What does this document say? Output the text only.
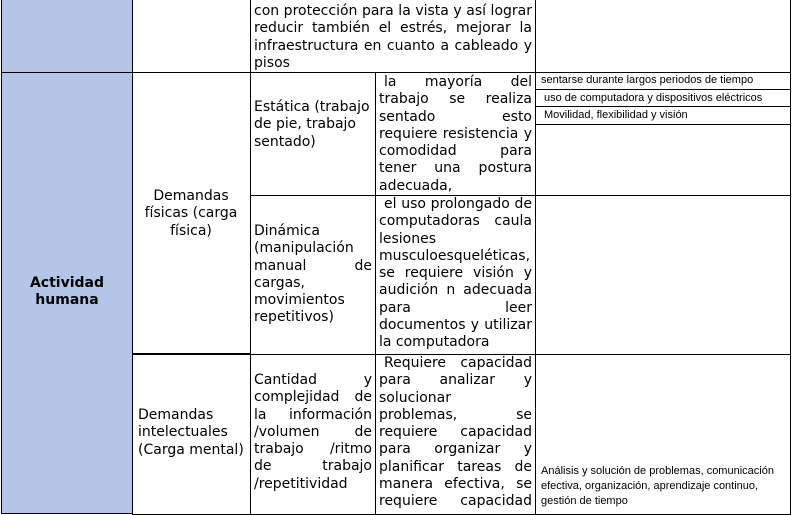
Actividad humana
con protección para la vista y así lograr reducir también el estrés, mejorar la infraestructura en cuanto a cableado y pisos
Demandas físicas (carga física)
Estática (trabajo de pie, trabajo sentado)
la mayoría del trabajo se realiza sentado esto requiere resistencia y comodidad para tener una postura adecuada,
sentarse durante largos periodos de tiempo
uso de computadora y dispositivos eléctricos
Movilidad, flexibilidad y visión
Dinámica (manipulación manual de cargas, movimientos repetitivos)
el uso prolongado de computadoras caula lesiones musculoesqueléticas, se requiere visión y audición n adecuada para leer documentos y utilizar la computadora
Demandas intelectuales (Carga mental)
Cantidad y complejidad de la información /volumen de trabajo /ritmo de trabajo /repetitividad
Requiere capacidad para analizar y solucionar problemas, se requiere capacidad para organizar y planificar tareas de manera efectiva, se requiere capacidad
Análisis y solución de problemas, comunicación efectiva, organización, aprendizaje continuo, gestión de tiempo
